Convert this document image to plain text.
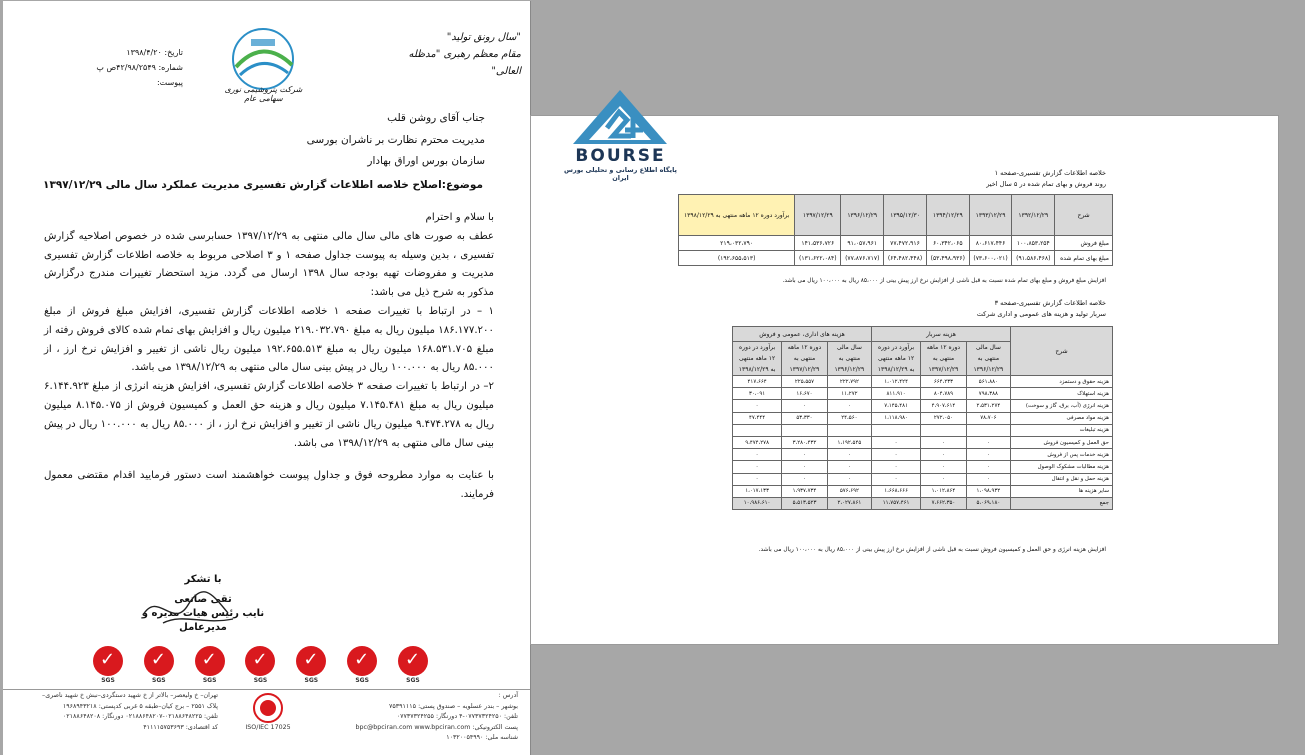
"سال رونق تولید"
مقام معظم رهبری "مدظله العالی"
شرکت پتروشیمی نوری سهامی عام
تاریخ: ۱۳۹۸/۴/۲۰
شماره: ۴۲/۹۸/۲۵۴۹ص پ
پیوست:
جناب آقای روشن قلب
مدیریت محترم نظارت بر ناشران بورسی
سازمان بورس اوراق بهادار
موضوع:اصلاح خلاصه اطلاعات گزارش تفسیری مدیریت عملکرد سال مالی ۱۳۹۷/۱۲/۲۹

با سلام و احترام

عطف به صورت های مالی سال مالی منتهی به ۱۳۹۷/۱۲/۲۹ حسابرسی شده در خصوص اصلاحیه گزارش تفسیری ، بدین وسیله به پیوست جداول صفحه ۱ و ۳ اصلاحی مربوط به خلاصه اطلاعات گزارش تفسیری مدیریت و مفروضات تهیه بودجه سال ۱۳۹۸ ارسال می گردد. مزید استحضار تغییرات مندرج درگزارش مذکور به شرح ذیل می باشد:

۱ – در ارتباط با تغییرات صفحه ۱ خلاصه اطلاعات گزارش تفسیری، افزایش مبلغ فروش از مبلغ ۱۸۶.۱۷۷.۲۰۰ میلیون ریال به مبلغ ۲۱۹.۰۳۲.۷۹۰ میلیون ریال و افزایش بهای تمام شده کالای فروش رفته از مبلغ ۱۶۸.۵۳۱.۷۰۵ میلیون ریال به مبلغ ۱۹۲.۶۵۵.۵۱۳ میلیون ریال ناشی از تغییر و افزایش نرخ ارز ، از ۸۵.۰۰۰ ریال به ۱۰۰.۰۰۰ ریال در پیش بینی سال مالی منتهی به ۱۳۹۸/۱۲/۲۹ می باشد.

۲– در ارتباط با تغییرات صفحه ۳ خلاصه اطلاعات گزارش تفسیری، افزایش هزینه انرژی از مبلغ ۶.۱۴۴.۹۲۳ میلیون ریال به مبلغ ۷.۱۴۵.۴۸۱ میلیون ریال و هزینه حق العمل و کمیسیون فروش از ۸.۱۴۵.۰۷۵ میلیون ریال به ۹.۴۷۴.۲۷۸ میلیون ریال ناشی از تغییر و افزایش نرخ ارز ، از ۸۵.۰۰۰ ریال به ۱۰۰.۰۰۰ ریال در پیش بینی سال مالی منتهی به ۱۳۹۸/۱۲/۲۹ می باشد.

با عنایت به موارد مطروحه فوق و جداول پیوست خواهشمند است دستور فرمایید اقدام مقتضی معمول فرمایند.

با تشکر
تقی صانعی
نایب رئیس هیات مدیره و مدیرعامل
✓
SGS
✓	SGS
✓	SGS
✓	SGS
✓	SGS
✓	SGS
✓	SGS
آدرس :
بوشهر – بندر عسلویه – صندوق پستی: ۷۵۳۹۱۱۱۵
تلفن: ۰۷۷۳۷۳۲۴۲۵۰-۴ دورنگار: ۰۷۷۳۷۳۲۴۲۵۵
پست الکترونیکی: bpc@bpciran.com www.bpciran.com
شناسه ملی: ۱۰۳۲۰۰۵۴۹۹۰
ISO/IEC 17025
تهران– خ ولیعصر– بالاتر از خ شهید دستگردی–نبش خ شهید ناصری–
پلاک ۲۵۵۱ – برج کیان–طبقه ۵ غربی کدپستی: ۱۹۶۸۹۴۳۲۱۸
تلفن: ۰۲۱۸۸۶۴۸۲۲۵-۰۲۱۸۸۶۴۸۲۰۷ دورنگار: ۰۲۱۸۸۶۴۸۲۰۸
کد اقتصادی: ۴۱۱۱۱۵۷۵۳۶۹۳
BOURSE
پایگاه اطلاع رسانی و تحلیلی بورس ایران
خلاصه اطلاعات گزارش تفسیری-صفحه ۱
روند فروش و بهای تمام شده در ۵ سال اخیر
شرح	۱۳۹۲/۱۲/۲۹	۱۳۹۳/۱۲/۲۹	۱۳۹۴/۱۲/۲۹	۱۳۹۵/۱۲/۳۰	۱۳۹۶/۱۲/۲۹	۱۳۹۷/۱۲/۲۹	برآورد دوره ۱۲ ماهه منتهی به ۱۳۹۸/۱۲/۲۹
مبلغ فروش	۱۰۰،۸۵۳،۲۵۴	۸۰،۶۱۷،۴۴۶	۶۰،۳۴۲،۰۶۵	۷۷،۴۷۲،۹۱۶	۹۱،۰۵۷،۹۶۱	۱۴۱،۵۳۶،۷۲۶	۲۱۹،۰۳۲،۷۹۰
مبلغ بهای تمام شده	(۹۱،۵۸۶،۴۶۸)	(۷۳،۶۰۰،۰۲۱)	(۵۳،۴۹۸،۹۳۶)	(۶۴،۴۸۲،۴۴۸)	(۷۷،۸۷۶،۷۱۷)	(۱۳۱،۶۲۲،۰۸۴)	(۱۹۲،۶۵۵،۵۱۳)
افزایش مبلغ فروش و مبلغ بهای تمام شده نسبت به قبل ناشی از افزایش نرخ ارز پیش بینی از ۸۵،۰۰۰ ریال به ۱۰۰،۰۰۰ ریال می باشد.
خلاصه اطلاعات گزارش تفسیری-صفحه ۳
سربار تولید و هزینه های عمومی و اداری شرکت
شرح	هزینه سربار			هزینه های اداری، عمومی و فروش		
	سال مالی منتهی به ۱۳۹۶/۱۲/۲۹	دوره ۱۲ ماهه منتهی به ۱۳۹۷/۱۲/۲۹	برآورد در دوره ۱۲ ماهه منتهی به ۱۳۹۸/۱۲/۲۹	سال مالی منتهی به ۱۳۹۶/۱۲/۲۹	دوره ۱۲ ماهه منتهی به ۱۳۹۷/۱۲/۲۹	برآورد در دوره ۱۲ ماهه منتهی به ۱۳۹۸/۱۲/۲۹
هزینه حقوق و دستمزد	۵۶۱،۸۸۰	۶۶۴،۲۳۳	۱،۰۱۲،۴۲۴	۲۲۲،۷۹۲	۲۲۵،۵۵۷	۴۱۷،۶۶۴
هزینه استهلاک	۷۹۸،۳۸۸	۸۰۴،۷۸۹	۸۱۱،۹۱۰	۱۱،۲۷۲	۱۶،۶۷۰	۳۰،۰۹۱
هزینه انرژی (آب، برق، گاز و سوخت)	۲،۵۳۱،۲۷۴	۴،۹۰۷،۶۱۴	۷،۱۴۵،۴۸۱	۰	۰	۰
هزینه مواد مصرفی	۷۸،۷۰۶	۲۷۲،۰۵۰	۱،۱۱۸،۹۸۰	۲۴،۵۶۰	۵۳،۳۳۰	۴۷،۴۴۴
هزینه تبلیغات						
حق العمل و کمیسیون فروش	۰	۰	۰	۱،۱۹۲،۵۴۵	۳،۲۸۰،۴۳۲	۹،۴۷۴،۲۷۸
هزینه خدمات پس از فروش	۰	۰	۰	۰	۰	۰
هزینه مطالبات مشکوک الوصول	۰	۰	۰	۰	۰	۰
هزینه حمل و نقل و انتقال	۰	۰	۰	۰	۰	۰
سایر هزینه ها	۱،۰۹۸،۹۳۲	۱،۰۱۲،۸۶۴	۱،۶۶۸،۶۶۶	۵۷۶،۶۹۲	۱،۹۳۷،۷۳۴	۱،۰۱۷،۱۳۳
جمع	۵،۰۶۹،۱۸۰	۷،۶۶۲،۳۵۰	۱۱،۷۵۷،۴۶۱	۲،۰۲۷،۸۶۱	۵،۵۱۳،۵۲۳	۱۰،۹۸۶،۶۱۰
افزایش هزینه انرژی و حق العمل و کمیسیون فروش نسبت به قبل ناشی از افزایش نرخ ارز پیش بینی از ۸۵،۰۰۰ ریال به ۱۰۰،۰۰۰ ریال می باشد.
